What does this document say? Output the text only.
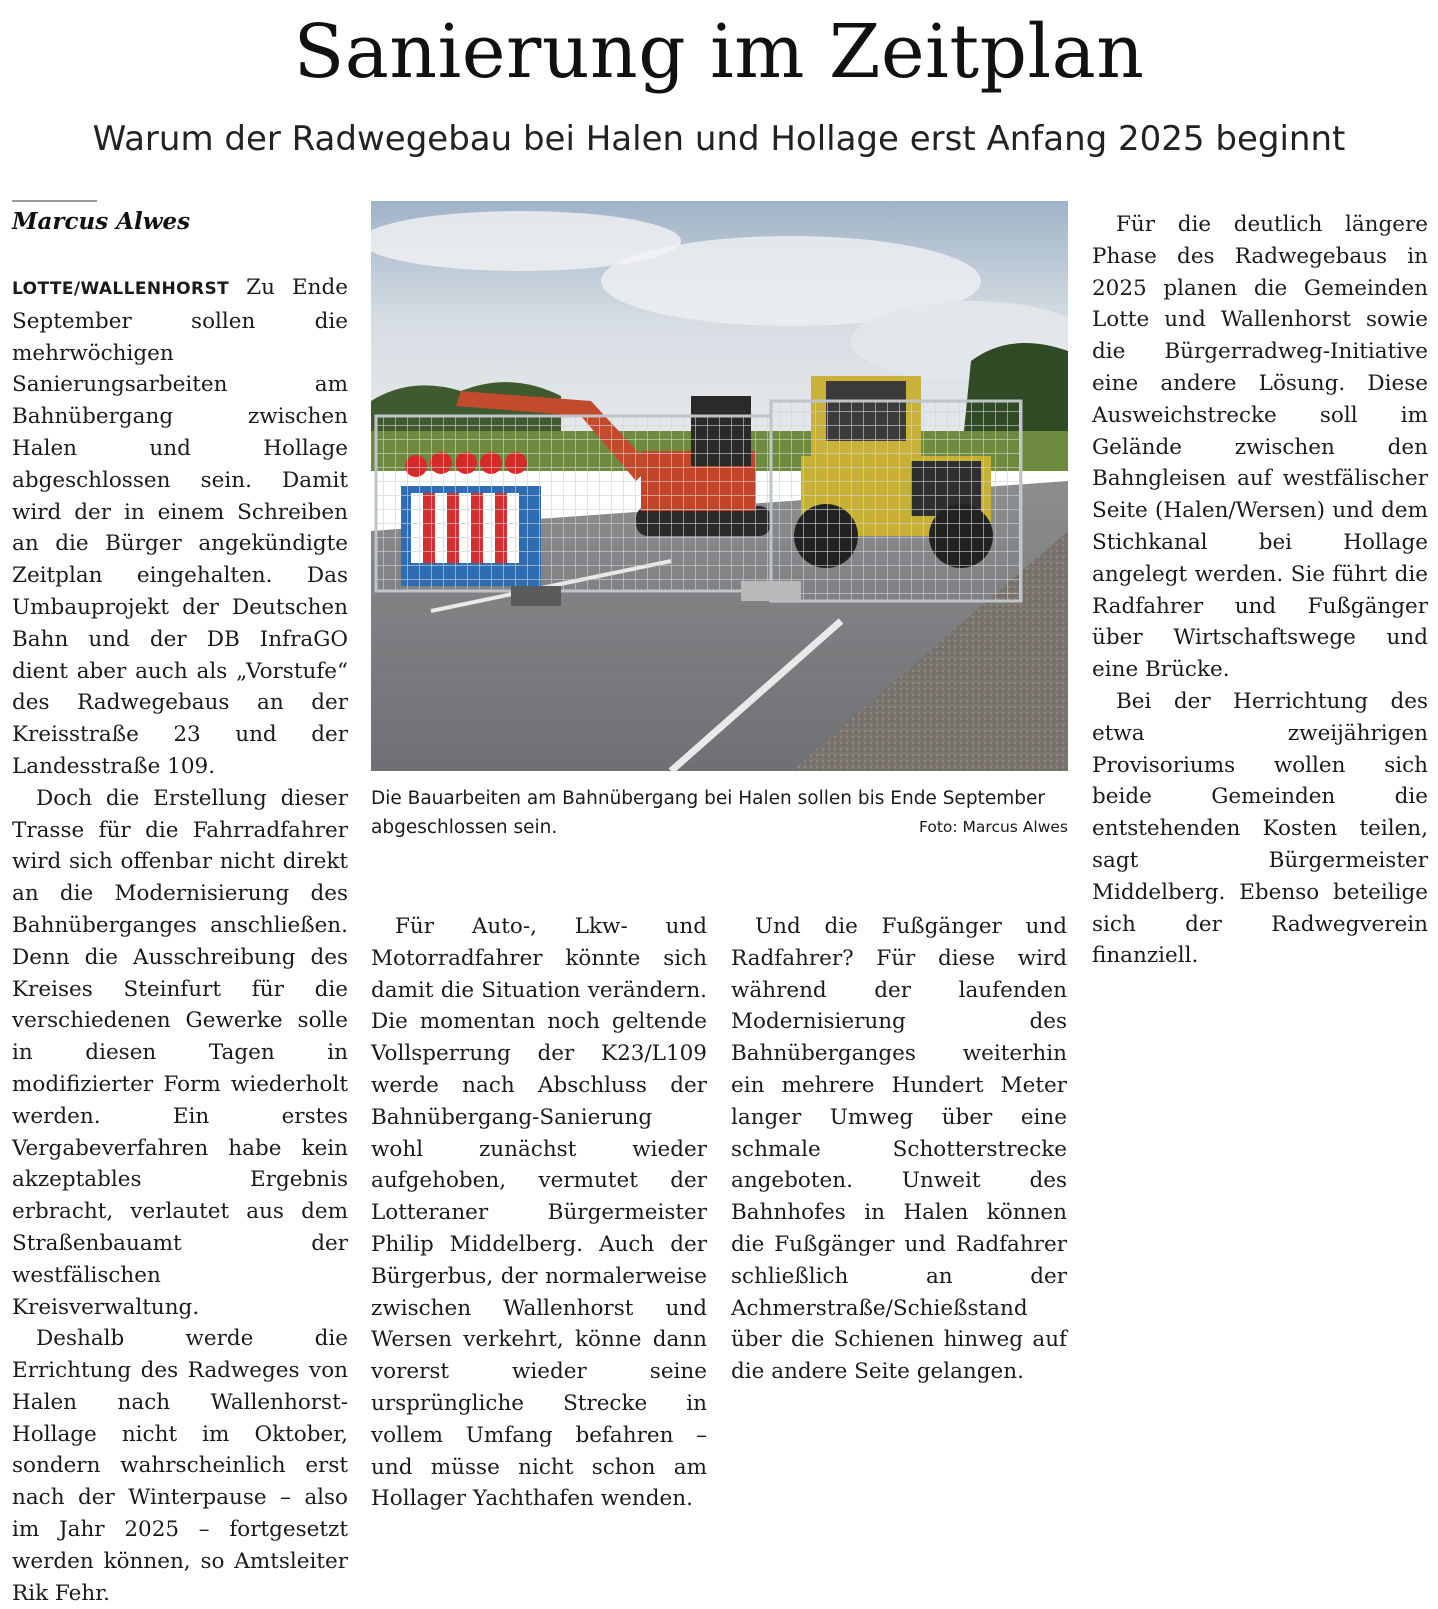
Sanierung im Zeitplan
Warum der Radwegebau bei Halen und Hollage erst Anfang 2025 beginnt
Marcus Alwes

LOTTE/WALLENHORST Zu Ende September sollen die mehrwöchigen Sanierungsarbeiten am Bahnübergang zwischen Halen und Hollage abgeschlossen sein. Damit wird der in einem Schreiben an die Bürger angekündigte Zeitplan eingehalten. Das Umbauprojekt der Deutschen Bahn und der DB InfraGO dient aber auch als „Vorstufe“ des Radwegebaus an der Kreisstraße 23 und der Landesstraße 109.

Doch die Erstellung dieser Trasse für die Fahrradfahrer wird sich offenbar nicht direkt an die Modernisierung des Bahnüberganges anschließen. Denn die Ausschreibung des Kreises Steinfurt für die verschiedenen Gewerke solle in diesen Tagen in modifizierter Form wiederholt werden. Ein erstes Vergabeverfahren habe kein akzeptables Ergebnis erbracht, verlautet aus dem Straßenbauamt der westfälischen Kreisverwaltung.

Deshalb werde die Errichtung des Radweges von Halen nach Wallenhorst-Hollage nicht im Oktober, sondern wahrscheinlich erst nach der Winterpause – also im Jahr 2025 – fortgesetzt werden können, so Amtsleiter Rik Fehr.

Die Bauarbeiten am Bahnübergang bei Halen sollen bis Ende September abgeschlossen sein.	Foto: Marcus Alwes

Für Auto-, Lkw- und Motorradfahrer könnte sich damit die Situation verändern. Die momentan noch geltende Vollsperrung der K23/L109 werde nach Abschluss der Bahnübergang-Sanierung wohl zunächst wieder aufgehoben, vermutet der Lotteraner Bürgermeister Philip Middelberg. Auch der Bürgerbus, der normalerweise zwischen Wallenhorst und Wersen verkehrt, könne dann vorerst wieder seine ursprüngliche Strecke in vollem Umfang befahren – und müsse nicht schon am Hollager Yachthafen wenden.

Und die Fußgänger und Radfahrer? Für diese wird während der laufenden Modernisierung des Bahnüberganges weiterhin ein mehrere Hundert Meter langer Umweg über eine schmale Schotterstrecke angeboten. Unweit des Bahnhofes in Halen können die Fußgänger und Radfahrer schließlich an der Achmerstraße/Schießstand über die Schienen hinweg auf die andere Seite gelangen.

Für die deutlich längere Phase des Radwegebaus in 2025 planen die Gemeinden Lotte und Wallenhorst sowie die Bürgerradweg-Initiative eine andere Lösung. Diese Ausweichstrecke soll im Gelände zwischen den Bahngleisen auf westfälischer Seite (Halen/Wersen) und dem Stichkanal bei Hollage angelegt werden. Sie führt die Radfahrer und Fußgänger über Wirtschaftswege und eine Brücke.

Bei der Herrichtung des etwa zweijährigen Provisoriums wollen sich beide Gemeinden die entstehenden Kosten teilen, sagt Bürgermeister Middelberg. Ebenso beteilige sich der Radwegverein finanziell.
